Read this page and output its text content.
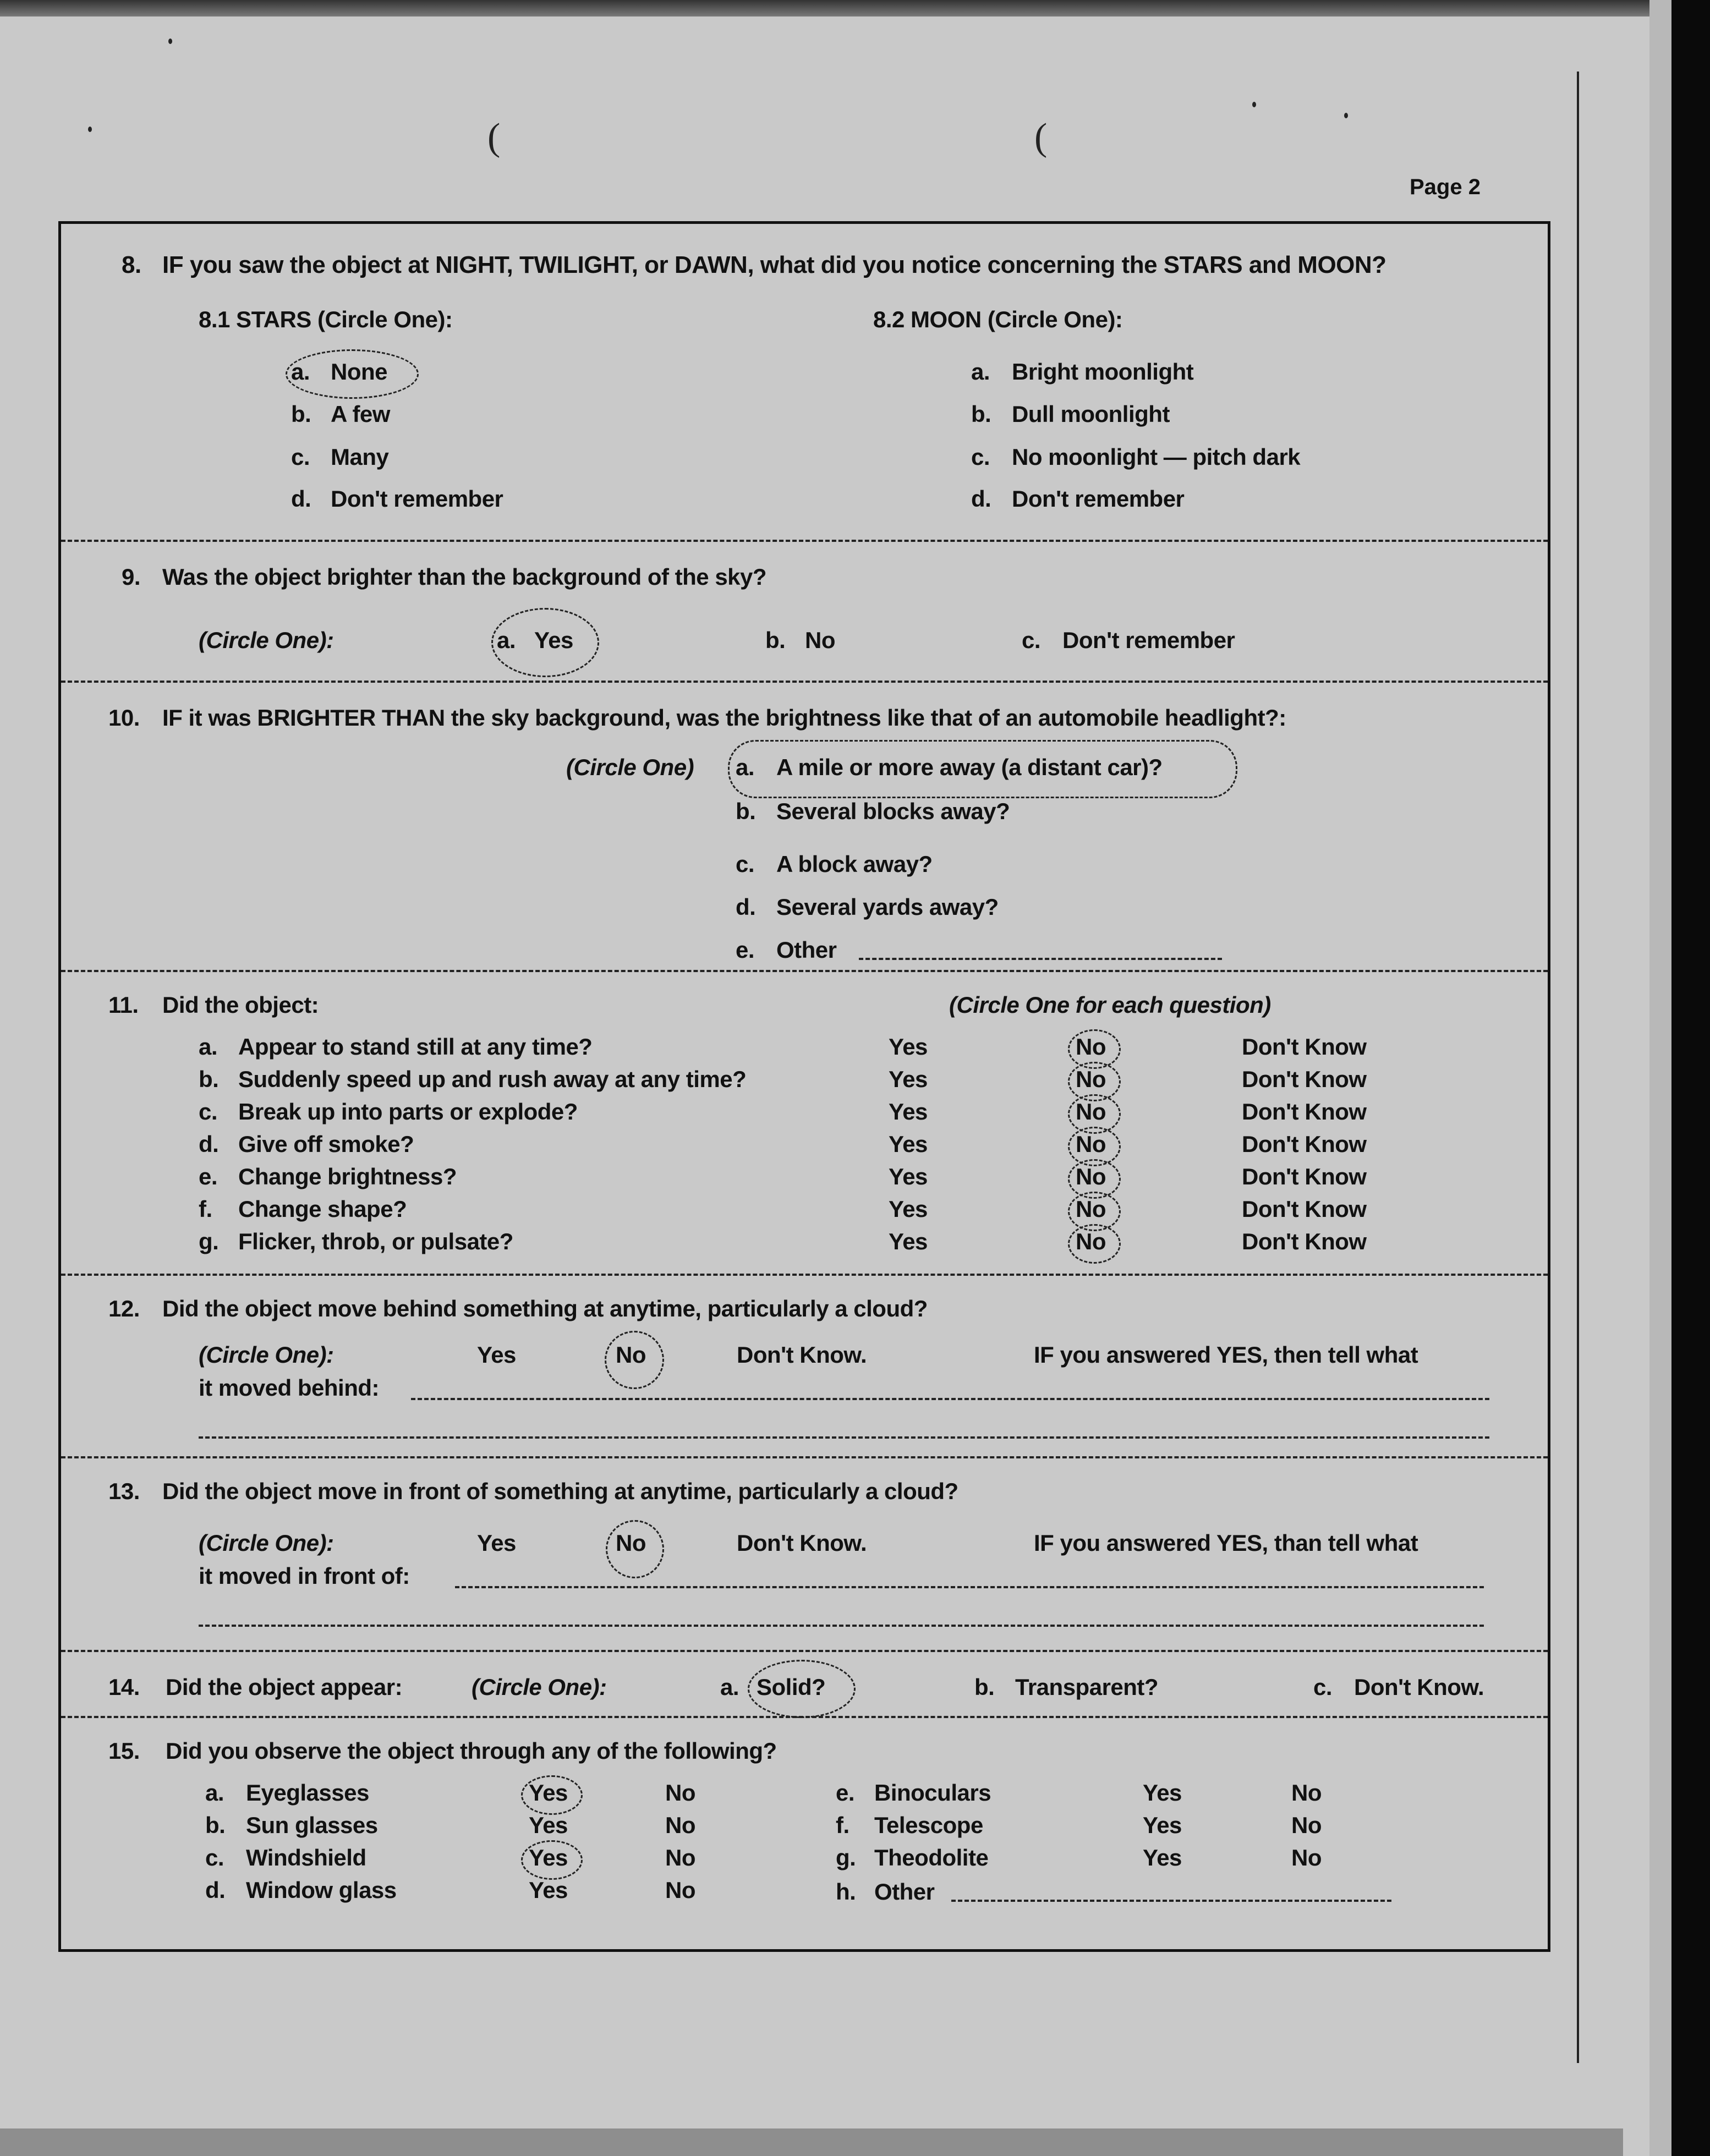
(	(
Page 2
8. IF you saw the object at NIGHT, TWILIGHT, or DAWN, what did you notice concerning the STARS and MOON?
8.1 STARS (Circle One):	8.2 MOON (Circle One):
a. None
b. A few
c. Many
d. Don't remember
a. Bright moonlight
b. Dull moonlight
c. No moonlight — pitch dark
d. Don't remember
9. Was the object brighter than the background of the sky?
(Circle One):	a. Yes	b. No	c. Don't remember
10. IF it was BRIGHTER THAN the sky background, was the brightness like that of an automobile headlight?:
(Circle One) a. A mile or more away (a distant car)?
b. Several blocks away?
c. A block away?
d. Several yards away?
e. Other
11. Did the object:	(Circle One for each question)
a. Appear to stand still at any time?	Yes	No	Don't Know
b. Suddenly speed up and rush away at any time?	Yes	No	Don't Know
c. Break up into parts or explode?	Yes	No	Don't Know
d. Give off smoke?	Yes	No	Don't Know
e. Change brightness?	Yes	No	Don't Know
f. Change shape?	Yes	No	Don't Know
g. Flicker, throb, or pulsate?	Yes	No	Don't Know
12. Did the object move behind something at anytime, particularly a cloud?
(Circle One):	Yes	No	Don't Know.	IF you answered YES, then tell what
it moved behind:
13. Did the object move in front of something at anytime, particularly a cloud?
(Circle One):	Yes	No	Don't Know.	IF you answered YES, than tell what
it moved in front of:
14. Did the object appear:	(Circle One):	a. Solid?	b. Transparent?	c. Don't Know.
15. Did you observe the object through any of the following?
a. Eyeglasses	Yes	No
b. Sun glasses	Yes	No
c. Windshield	Yes	No
d. Window glass	Yes	No
e. Binoculars	Yes	No
f. Telescope	Yes	No
g. Theodolite	Yes	No
h. Other
